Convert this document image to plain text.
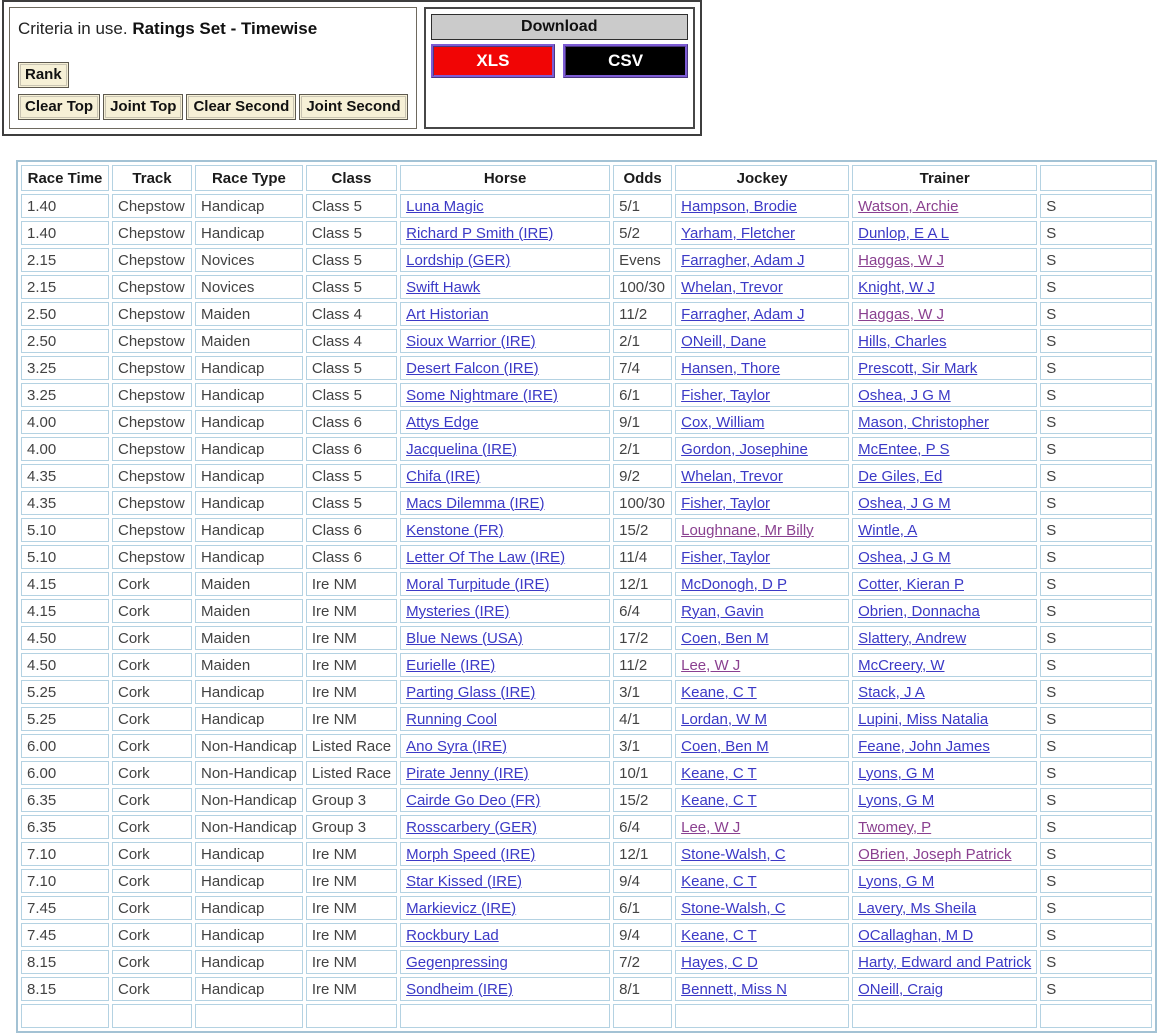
Criteria in use. Ratings Set - Timewise
Rank
Clear Top	Joint Top	Clear Second	Joint Second
Download
XLS	CSV
Race Time	Track	Race Type	Class	Horse	Odds	Jockey	Trainer	
1.40	Chepstow	Handicap	Class 5	Luna Magic	5/1	Hampson, Brodie	Watson, Archie	S
1.40	Chepstow	Handicap	Class 5	Richard P Smith (IRE)	5/2	Yarham, Fletcher	Dunlop, E A L	S
2.15	Chepstow	Novices	Class 5	Lordship (GER)	Evens	Farragher, Adam J	Haggas, W J	S
2.15	Chepstow	Novices	Class 5	Swift Hawk	100/30	Whelan, Trevor	Knight, W J	S
2.50	Chepstow	Maiden	Class 4	Art Historian	11/2	Farragher, Adam J	Haggas, W J	S
2.50	Chepstow	Maiden	Class 4	Sioux Warrior (IRE)	2/1	ONeill, Dane	Hills, Charles	S
3.25	Chepstow	Handicap	Class 5	Desert Falcon (IRE)	7/4	Hansen, Thore	Prescott, Sir Mark	S
3.25	Chepstow	Handicap	Class 5	Some Nightmare (IRE)	6/1	Fisher, Taylor	Oshea, J G M	S
4.00	Chepstow	Handicap	Class 6	Attys Edge	9/1	Cox, William	Mason, Christopher	S
4.00	Chepstow	Handicap	Class 6	Jacquelina (IRE)	2/1	Gordon, Josephine	McEntee, P S	S
4.35	Chepstow	Handicap	Class 5	Chifa (IRE)	9/2	Whelan, Trevor	De Giles, Ed	S
4.35	Chepstow	Handicap	Class 5	Macs Dilemma (IRE)	100/30	Fisher, Taylor	Oshea, J G M	S
5.10	Chepstow	Handicap	Class 6	Kenstone (FR)	15/2	Loughnane, Mr Billy	Wintle, A	S
5.10	Chepstow	Handicap	Class 6	Letter Of The Law (IRE)	11/4	Fisher, Taylor	Oshea, J G M	S
4.15	Cork	Maiden	Ire NM	Moral Turpitude (IRE)	12/1	McDonogh, D P	Cotter, Kieran P	S
4.15	Cork	Maiden	Ire NM	Mysteries (IRE)	6/4	Ryan, Gavin	Obrien, Donnacha	S
4.50	Cork	Maiden	Ire NM	Blue News (USA)	17/2	Coen, Ben M	Slattery, Andrew	S
4.50	Cork	Maiden	Ire NM	Eurielle (IRE)	11/2	Lee, W J	McCreery, W	S
5.25	Cork	Handicap	Ire NM	Parting Glass (IRE)	3/1	Keane, C T	Stack, J A	S
5.25	Cork	Handicap	Ire NM	Running Cool	4/1	Lordan, W M	Lupini, Miss Natalia	S
6.00	Cork	Non-Handicap	Listed Race	Ano Syra (IRE)	3/1	Coen, Ben M	Feane, John James	S
6.00	Cork	Non-Handicap	Listed Race	Pirate Jenny (IRE)	10/1	Keane, C T	Lyons, G M	S
6.35	Cork	Non-Handicap	Group 3	Cairde Go Deo (FR)	15/2	Keane, C T	Lyons, G M	S
6.35	Cork	Non-Handicap	Group 3	Rosscarbery (GER)	6/4	Lee, W J	Twomey, P	S
7.10	Cork	Handicap	Ire NM	Morph Speed (IRE)	12/1	Stone-Walsh, C	OBrien, Joseph Patrick	S
7.10	Cork	Handicap	Ire NM	Star Kissed (IRE)	9/4	Keane, C T	Lyons, G M	S
7.45	Cork	Handicap	Ire NM	Markievicz (IRE)	6/1	Stone-Walsh, C	Lavery, Ms Sheila	S
7.45	Cork	Handicap	Ire NM	Rockbury Lad	9/4	Keane, C T	OCallaghan, M D	S
8.15	Cork	Handicap	Ire NM	Gegenpressing	7/2	Hayes, C D	Harty, Edward and Patrick	S
8.15	Cork	Handicap	Ire NM	Sondheim (IRE)	8/1	Bennett, Miss N	ONeill, Craig	S
